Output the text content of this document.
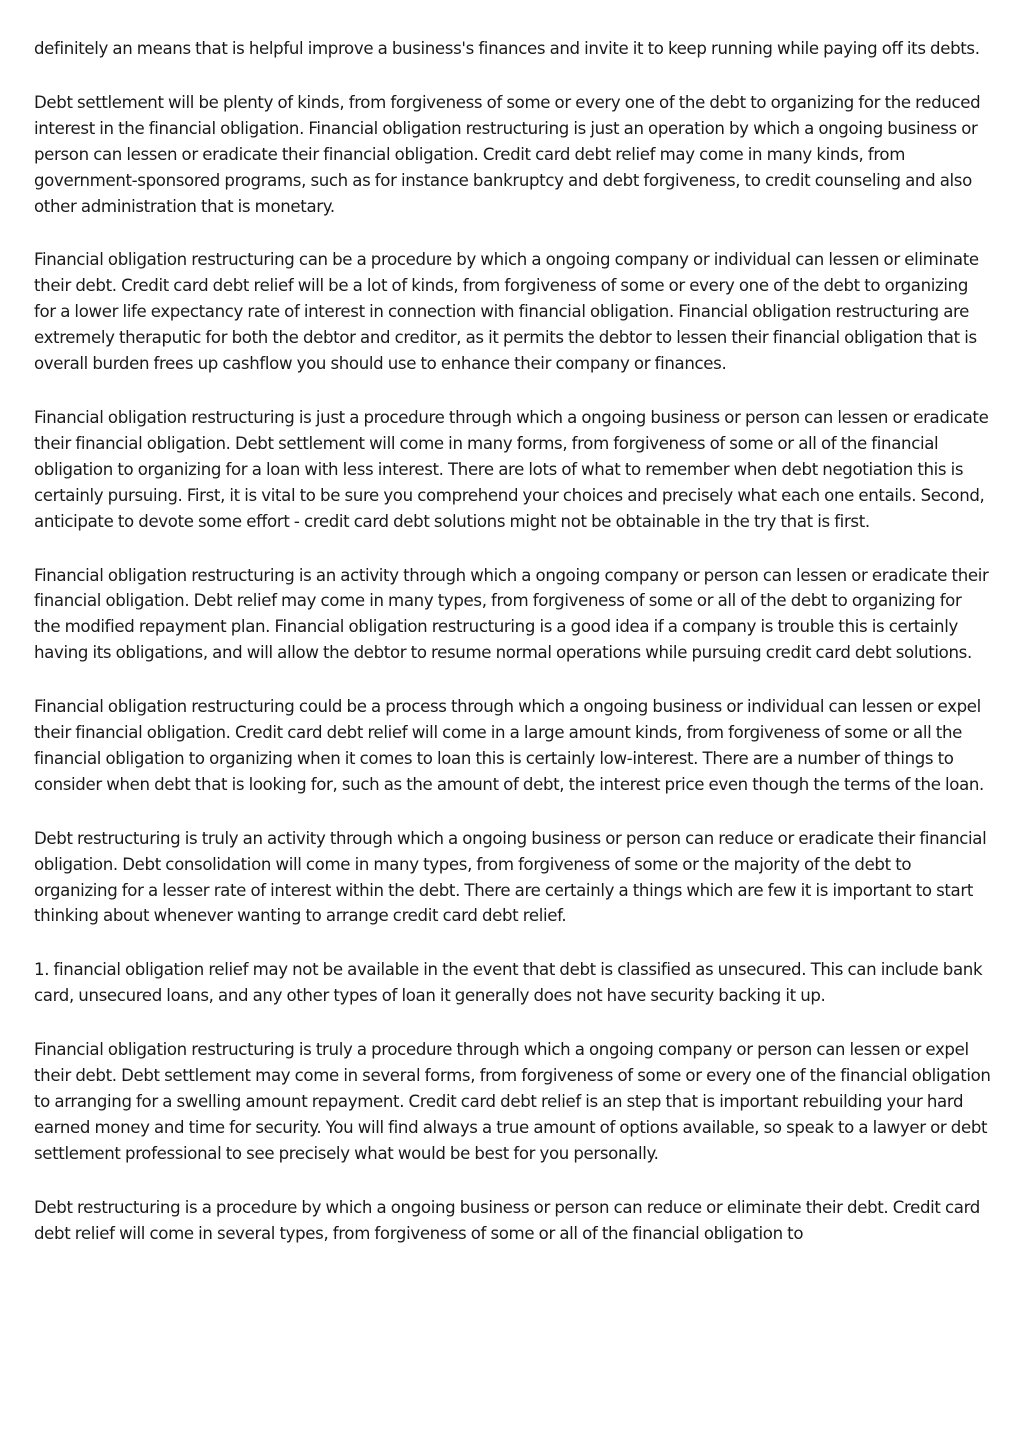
definitely an means that is helpful improve a business's finances and invite it to keep running while paying off its debts.

Debt settlement will be plenty of kinds, from forgiveness of some or every one of the debt to organizing for the reduced interest in the financial obligation. Financial obligation restructuring is just an operation by which a ongoing business or person can lessen or eradicate their financial obligation. Credit card debt relief may come in many kinds, from government-sponsored programs, such as for instance bankruptcy and debt forgiveness, to credit counseling and also other administration that is monetary.

Financial obligation restructuring can be a procedure by which a ongoing company or individual can lessen or eliminate their debt. Credit card debt relief will be a lot of kinds, from forgiveness of some or every one of the debt to organizing for a lower life expectancy rate of interest in connection with financial obligation. Financial obligation restructuring are extremely theraputic for both the debtor and creditor, as it permits the debtor to lessen their financial obligation that is overall burden frees up cashflow you should use to enhance their company or finances.

Financial obligation restructuring is just a procedure through which a ongoing business or person can lessen or eradicate their financial obligation. Debt settlement will come in many forms, from forgiveness of some or all of the financial obligation to organizing for a loan with less interest. There are lots of what to remember when debt negotiation this is certainly pursuing. First, it is vital to be sure you comprehend your choices and precisely what each one entails. Second, anticipate to devote some effort - credit card debt solutions might not be obtainable in the try that is first.

Financial obligation restructuring is an activity through which a ongoing company or person can lessen or eradicate their financial obligation. Debt relief may come in many types, from forgiveness of some or all of the debt to organizing for the modified repayment plan. Financial obligation restructuring is a good idea if a company is trouble this is certainly having its obligations, and will allow the debtor to resume normal operations while pursuing credit card debt solutions.

Financial obligation restructuring could be a process through which a ongoing business or individual can lessen or expel their financial obligation. Credit card debt relief will come in a large amount kinds, from forgiveness of some or all the financial obligation to organizing when it comes to loan this is certainly low-interest. There are a number of things to consider when debt that is looking for, such as the amount of debt, the interest price even though the terms of the loan.

Debt restructuring is truly an activity through which a ongoing business or person can reduce or eradicate their financial obligation. Debt consolidation will come in many types, from forgiveness of some or the majority of the debt to organizing for a lesser rate of interest within the debt. There are certainly a things which are few it is important to start thinking about whenever wanting to arrange credit card debt relief.

1. financial obligation relief may not be available in the event that debt is classified as unsecured. This can include bank card, unsecured loans, and any other types of loan it generally does not have security backing it up.

Financial obligation restructuring is truly a procedure through which a ongoing company or person can lessen or expel their debt. Debt settlement may come in several forms, from forgiveness of some or every one of the financial obligation to arranging for a swelling amount repayment. Credit card debt relief is an step that is important rebuilding your hard earned money and time for security. You will find always a true amount of options available, so speak to a lawyer or debt settlement professional to see precisely what would be best for you personally.

Debt restructuring is a procedure by which a ongoing business or person can reduce or eliminate their debt. Credit card debt relief will come in several types, from forgiveness of some or all of the financial obligation to
